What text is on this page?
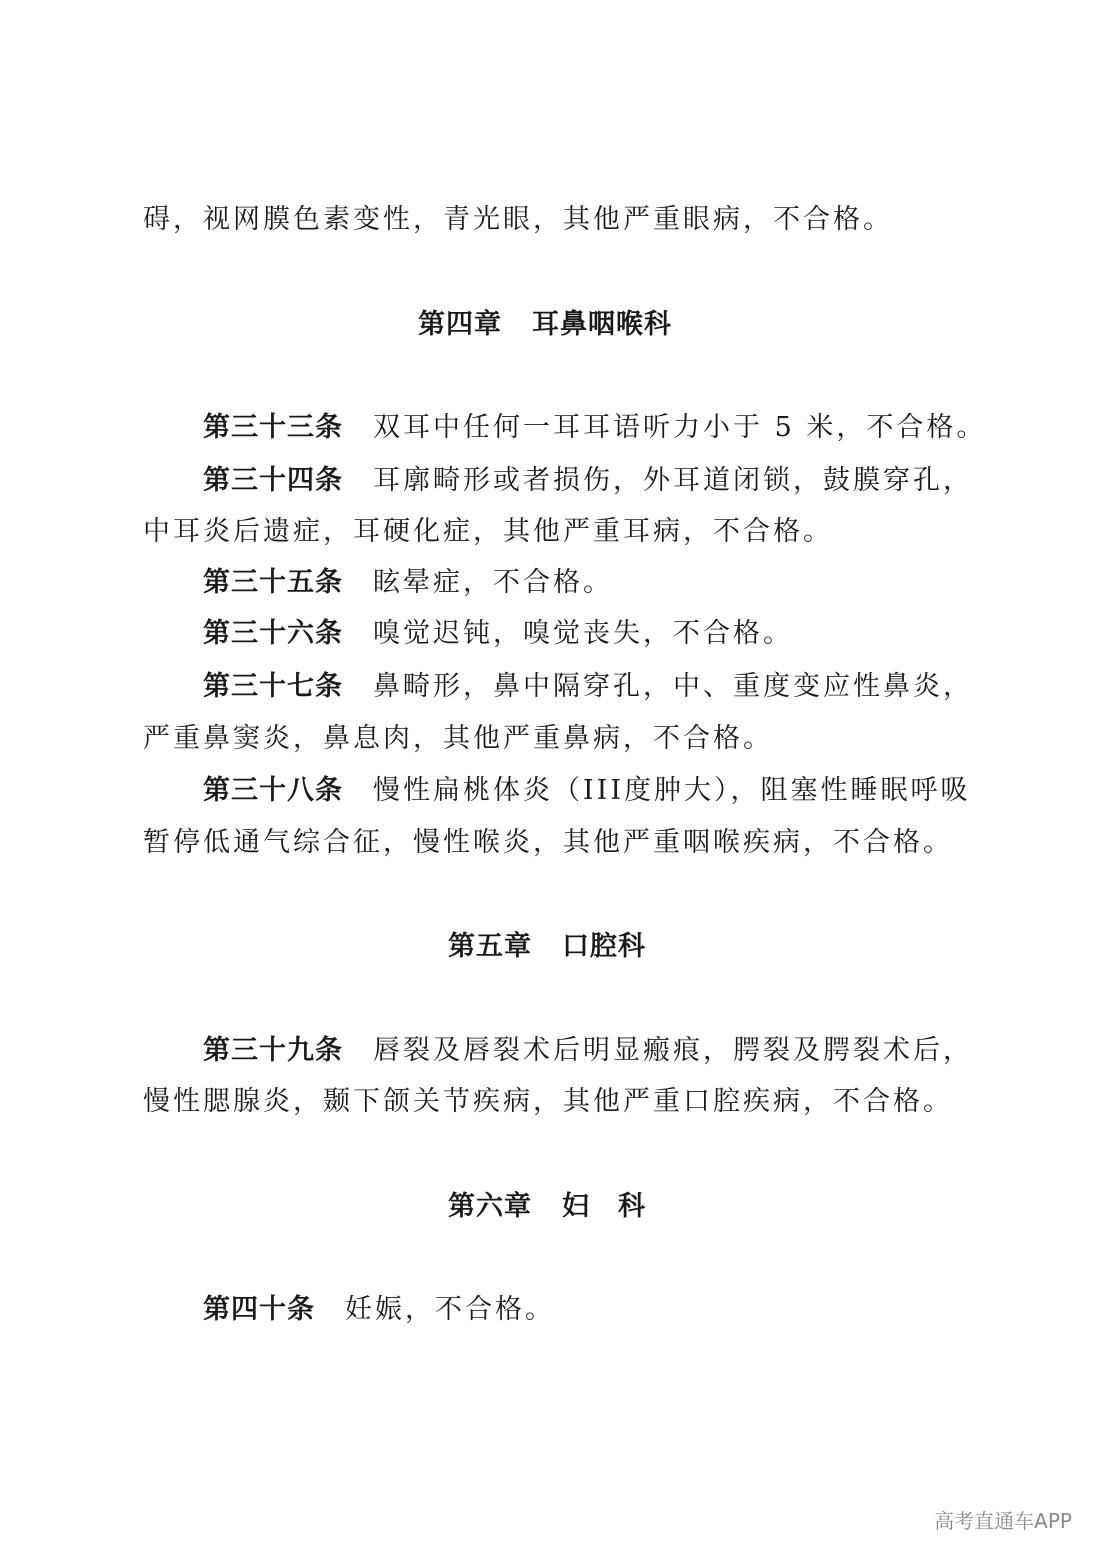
碍，视网膜色素变性，青光眼，其他严重眼病，不合格。
第四章 耳鼻咽喉科
第三十三条 双耳中任何一耳耳语听力小于 5 米，不合格。
第三十四条 耳廓畸形或者损伤，外耳道闭锁，鼓膜穿孔，
中耳炎后遗症，耳硬化症，其他严重耳病，不合格。
第三十五条 眩晕症，不合格。
第三十六条 嗅觉迟钝，嗅觉丧失，不合格。
第三十七条 鼻畸形，鼻中隔穿孔，中、重度变应性鼻炎，
严重鼻窦炎，鼻息肉，其他严重鼻病，不合格。
第三十八条 慢性扁桃体炎（III度肿大），阻塞性睡眠呼吸
暂停低通气综合征，慢性喉炎，其他严重咽喉疾病，不合格。
第五章 口腔科
第三十九条 唇裂及唇裂术后明显瘢痕，腭裂及腭裂术后，
慢性腮腺炎，颞下颌关节疾病，其他严重口腔疾病，不合格。
第六章 妇　科
第四十条 妊娠，不合格。
高考直通车APP
